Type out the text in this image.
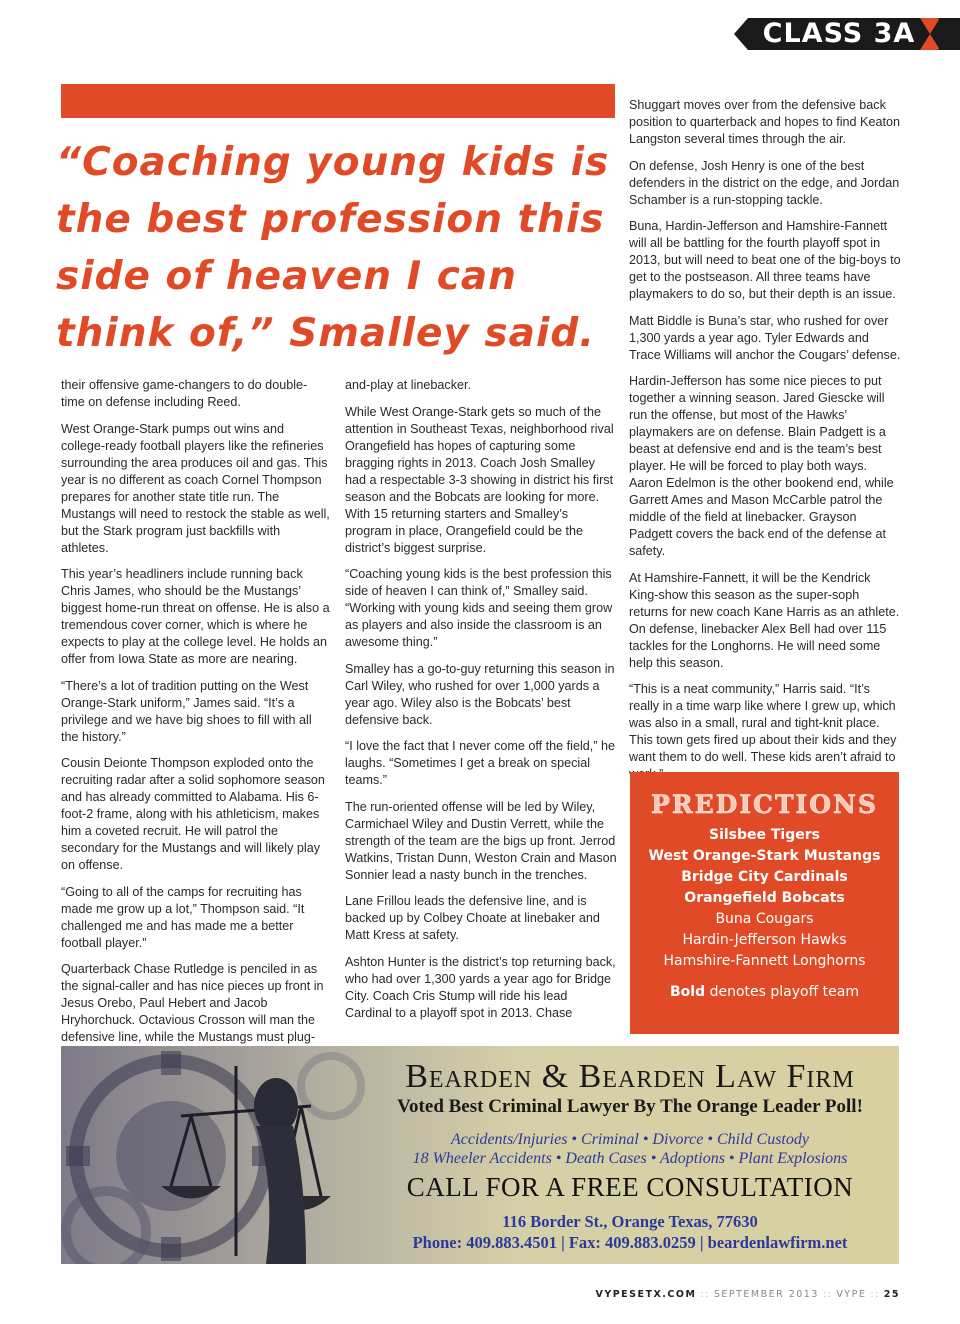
CLASS 3A

“Coaching young kids is the best profession this side of heaven I can think of,” Smalley said.

their offensive game-changers to do double-time on defense including Reed.

West Orange-Stark pumps out wins and college-ready football players like the refineries surrounding the area produces oil and gas. This year is no different as coach Cornel Thompson prepares for another state title run. The Mustangs will need to restock the stable as well, but the Stark program just backfills with athletes.

This year’s headliners include running back Chris James, who should be the Mustangs’ biggest home-run threat on offense. He is also a tremendous cover corner, which is where he expects to play at the college level. He holds an offer from Iowa State as more are nearing.

“There’s a lot of tradition putting on the West Orange-Stark uniform,” James said. “It’s a privilege and we have big shoes to fill with all the history.”

Cousin Deionte Thompson exploded onto the recruiting radar after a solid sophomore season and has already committed to Alabama. His 6-foot-2 frame, along with his athleticism, makes him a coveted recruit. He will patrol the secondary for the Mustangs and will likely play on offense.

“Going to all of the camps for recruiting has made me grow up a lot,” Thompson said. “It challenged me and has made me a better football player.”

Quarterback Chase Rutledge is penciled in as the signal-caller and has nice pieces up front in Jesus Orebo, Paul Hebert and Jacob Hryhorchuck. Octavious Crosson will man the defensive line, while the Mustangs must plug-

and-play at linebacker.

While West Orange-Stark gets so much of the attention in Southeast Texas, neighborhood rival Orangefield has hopes of capturing some bragging rights in 2013. Coach Josh Smalley had a respectable 3-3 showing in district his first season and the Bobcats are looking for more. With 15 returning starters and Smalley’s program in place, Orangefield could be the district’s biggest surprise.

“Coaching young kids is the best profession this side of heaven I can think of,” Smalley said. “Working with young kids and seeing them grow as players and also inside the classroom is an awesome thing.”

Smalley has a go-to-guy returning this season in Carl Wiley, who rushed for over 1,000 yards a year ago. Wiley also is the Bobcats’ best defensive back.

“I love the fact that I never come off the field,” he laughs. “Sometimes I get a break on special teams.”

The run-oriented offense will be led by Wiley, Carmichael Wiley and Dustin Verrett, while the strength of the team are the bigs up front. Jerrod Watkins, Tristan Dunn, Weston Crain and Mason Sonnier lead a nasty bunch in the trenches.

Lane Frillou leads the defensive line, and is backed up by Colbey Choate at linebaker and Matt Kress at safety.

Ashton Hunter is the district’s top returning back, who had over 1,300 yards a year ago for Bridge City. Coach Cris Stump will ride his lead Cardinal to a playoff spot in 2013. Chase

Shuggart moves over from the defensive back position to quarterback and hopes to find Keaton Langston several times through the air.

On defense, Josh Henry is one of the best defenders in the district on the edge, and Jordan Schamber is a run-stopping tackle.

Buna, Hardin-Jefferson and Hamshire-Fannett will all be battling for the fourth playoff spot in 2013, but will need to beat one of the big-boys to get to the postseason. All three teams have playmakers to do so, but their depth is an issue.

Matt Biddle is Buna’s star, who rushed for over 1,300 yards a year ago. Tyler Edwards and Trace Williams will anchor the Cougars’ defense.

Hardin-Jefferson has some nice pieces to put together a winning season. Jared Giescke will run the offense, but most of the Hawks’ playmakers are on defense. Blain Padgett is a beast at defensive end and is the team’s best player. He will be forced to play both ways. Aaron Edelmon is the other bookend end, while Garrett Ames and Mason McCarble patrol the middle of the field at linebacker. Grayson Padgett covers the back end of the defense at safety.

At Hamshire-Fannett, it will be the Kendrick King-show this season as the super-soph returns for new coach Kane Harris as an athlete. On defense, linebacker Alex Bell had over 115 tackles for the Longhorns. He will need some help this season.

“This is a neat community,” Harris said. “It’s really in a time warp like where I grew up, which was also in a small, rural and tight-knit place. This town gets fired up about their kids and they want them to do well. These kids aren’t afraid to

PREDICTIONS
Silsbee Tigers
West Orange-Stark Mustangs
Bridge City Cardinals
Orangefield Bobcats
Buna Cougars
Hardin-Jefferson Hawks
Hamshire-Fannett Longhorns
Bold denotes playoff team
Bearden & Bearden Law Firm
Voted Best Criminal Lawyer By The Orange Leader Poll!
Accidents/Injuries • Criminal • Divorce • Child Custody
18 Wheeler Accidents • Death Cases • Adoptions • Plant Explosions
CALL FOR A FREE CONSULTATION
116 Border St., Orange Texas, 77630
Phone: 409.883.4501 | Fax: 409.883.0259 | beardenlawfirm.net
VYPESETX.COM :: SEPTEMBER 2013 :: VYPE :: 25
